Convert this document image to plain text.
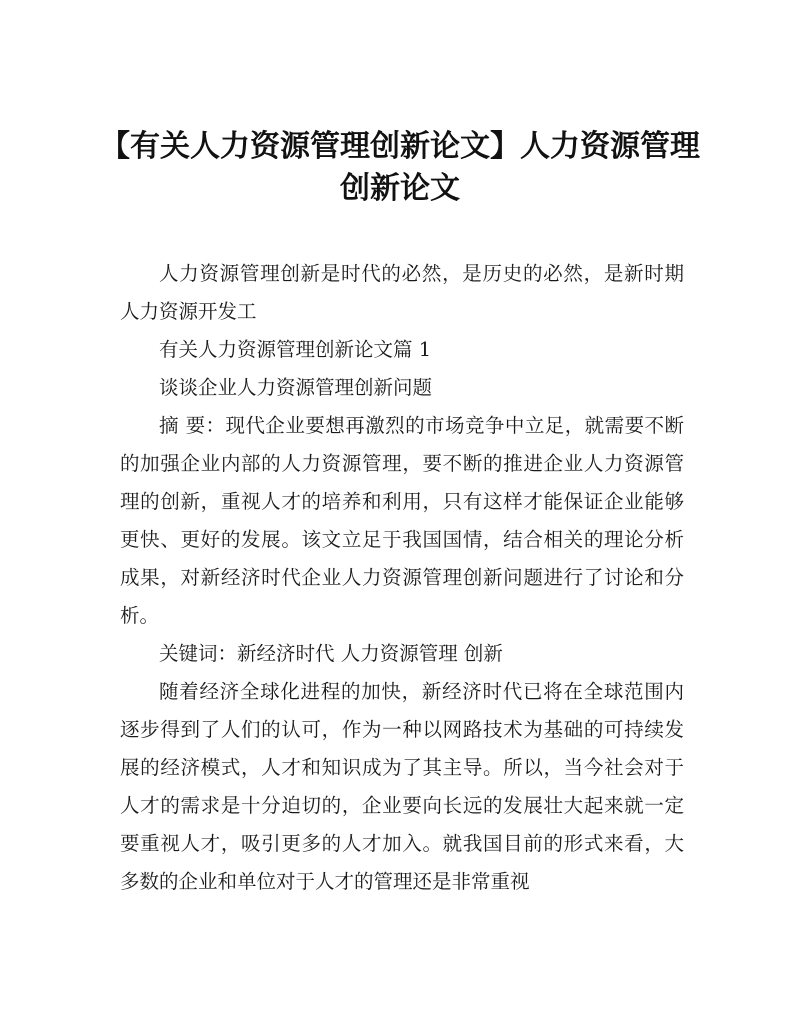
【有关人力资源管理创新论文】人力资源管理创新论文

人力资源管理创新是时代的必然，是历史的必然，是新时期人力资源开发工

有关人力资源管理创新论文篇 1

谈谈企业人力资源管理创新问题

摘 要：现代企业要想再激烈的市场竞争中立足，就需要不断的加强企业内部的人力资源管理，要不断的推进企业人力资源管理的创新，重视人才的培养和利用，只有这样才能保证企业能够更快、更好的发展。该文立足于我国国情，结合相关的理论分析成果，对新经济时代企业人力资源管理创新问题进行了讨论和分析。

关键词：新经济时代 人力资源管理 创新

随着经济全球化进程的加快，新经济时代已将在全球范围内逐步得到了人们的认可，作为一种以网路技术为基础的可持续发展的经济模式，人才和知识成为了其主导。所以，当今社会对于人才的需求是十分迫切的，企业要向长远的发展壮大起来就一定要重视人才，吸引更多的人才加入。就我国目前的形式来看，大多数的企业和单位对于人才的管理还是非常重视
